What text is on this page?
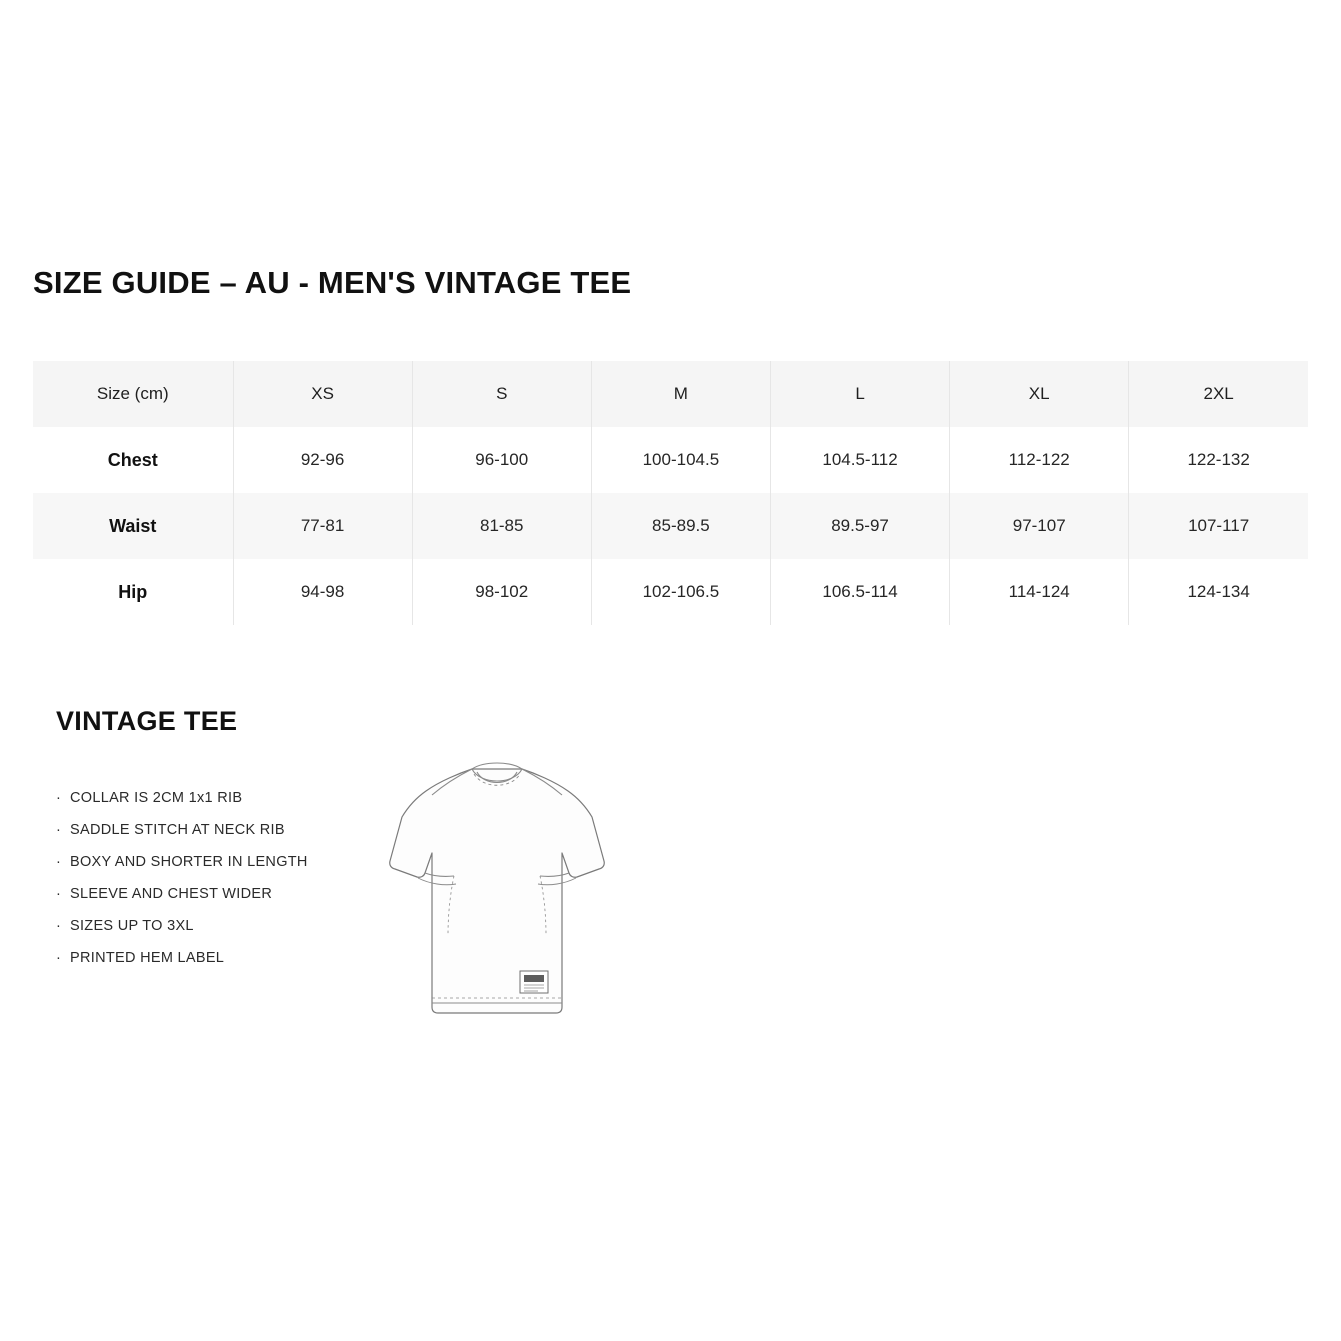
SIZE GUIDE – AU - MEN'S VINTAGE TEE
Size (cm)	XS	S	M	L	XL	2XL
Chest	92-96	96-100	100-104.5	104.5-112	112-122	122-132
Waist	77-81	81-85	85-89.5	89.5-97	97-107	107-117
Hip	94-98	98-102	102-106.5	106.5-114	114-124	124-134
VINTAGE TEE
· COLLAR IS 2CM 1x1 RIB
· SADDLE STITCH AT NECK RIB
· BOXY AND SHORTER IN LENGTH
· SLEEVE AND CHEST WIDER
· SIZES UP TO 3XL
· PRINTED HEM LABEL
